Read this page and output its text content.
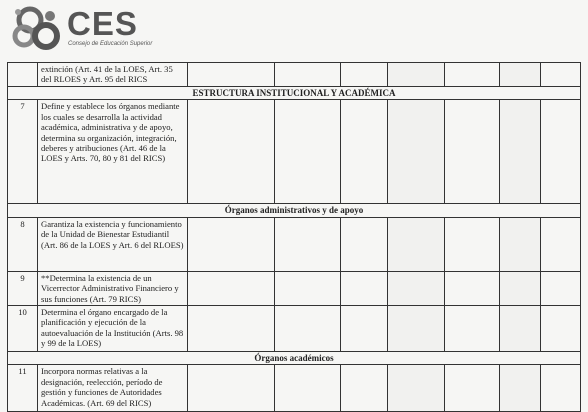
CES
Consejo de Educación Superior
	extinción (Art. 41 de la LOES, Art. 35 del RLOES y Art. 95 del RICS							
ESTRUCTURA INSTITUCIONAL Y ACADÉMICA								
7	Define y establece los órganos mediante los cuales se desarrolla la actividad académica, administrativa y de apoyo, determina su organización, integración, deberes y atribuciones (Art. 46 de la LOES y Arts. 70, 80 y 81 del RICS)							
Órganos administrativos y de apoyo								
8	Garantiza la existencia y funcionamiento de la Unidad de Bienestar Estudiantil (Art. 86 de la LOES y Art. 6 del RLOES)							
9	**Determina la existencia de un Vicerrector Administrativo Financiero y sus funciones (Art. 79 RICS)							
10	Determina el órgano encargado de la planificación y ejecución de la autoevaluación de la Institución (Arts. 98 y 99 de la LOES)							
Órganos académicos								
11	Incorpora normas relativas a la designación, reelección, período de gestión y funciones de Autoridades Académicas. (Art. 69 del RICS)							
